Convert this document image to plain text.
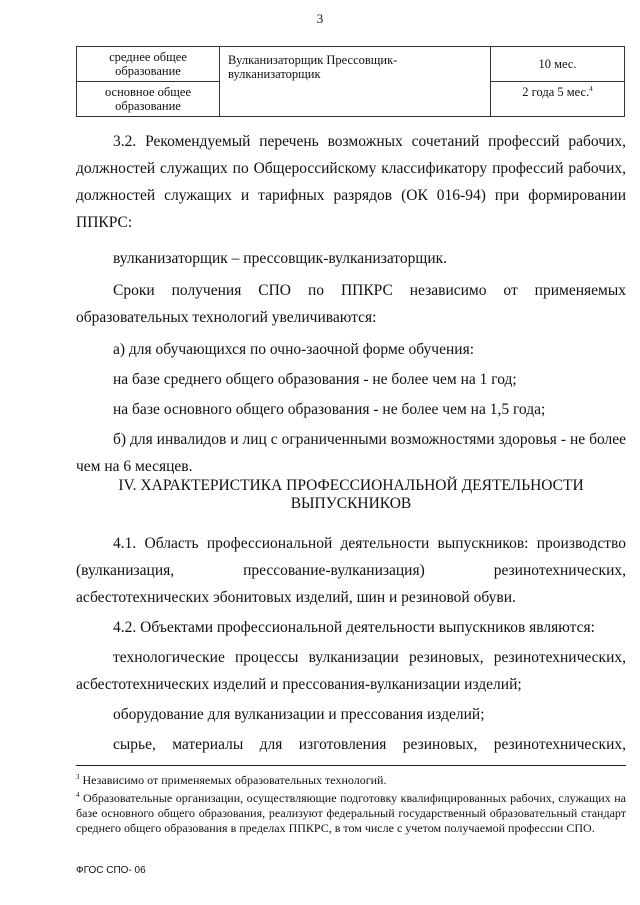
3
среднее общее образование	Вулканизаторщик Прессовщик-вулканизаторщик	10 мес.
основное общее образование		2 года 5 мес.$^4$

3.2. Рекомендуемый перечень возможных сочетаний профессий рабочих, должностей служащих по Общероссийскому классификатору профессий рабочих, должностей служащих и тарифных разрядов (ОК 016-94) при формировании ППКРС:

вулканизаторщик – прессовщик-вулканизаторщик.

Сроки получения СПО по ППКРС независимо от применяемых образовательных технологий увеличиваются:

а) для обучающихся по очно-заочной форме обучения:

на базе среднего общего образования - не более чем на 1 год;

на базе основного общего образования - не более чем на 1,5 года;

б) для инвалидов и лиц с ограниченными возможностями здоровья - не более чем на 6 месяцев.

IV. ХАРАКТЕРИСТИКА ПРОФЕССИОНАЛЬНОЙ ДЕЯТЕЛЬНОСТИ ВЫПУСКНИКОВ

4.1. Область профессиональной деятельности выпускников: производство (вулканизация, прессование-вулканизация) резинотехнических, асбестотехнических эбонитовых изделий, шин и резиновой обуви.

4.2. Объектами профессиональной деятельности выпускников являются:

технологические процессы вулканизации резиновых, резинотехнических, асбестотехнических изделий и прессования-вулканизации изделий;

оборудование для вулканизации и прессования изделий;

сырье, материалы для изготовления резиновых, резинотехнических,

$^3$ Независимо от применяемых образовательных технологий.

$^4$ Образовательные организации, осуществляющие подготовку квалифицированных рабочих, служащих на базе основного общего образования, реализуют федеральный государственный образовательный стандарт среднего общего образования в пределах ППКРС, в том числе с учетом получаемой профессии СПО.

ФГОС СПО- 06
